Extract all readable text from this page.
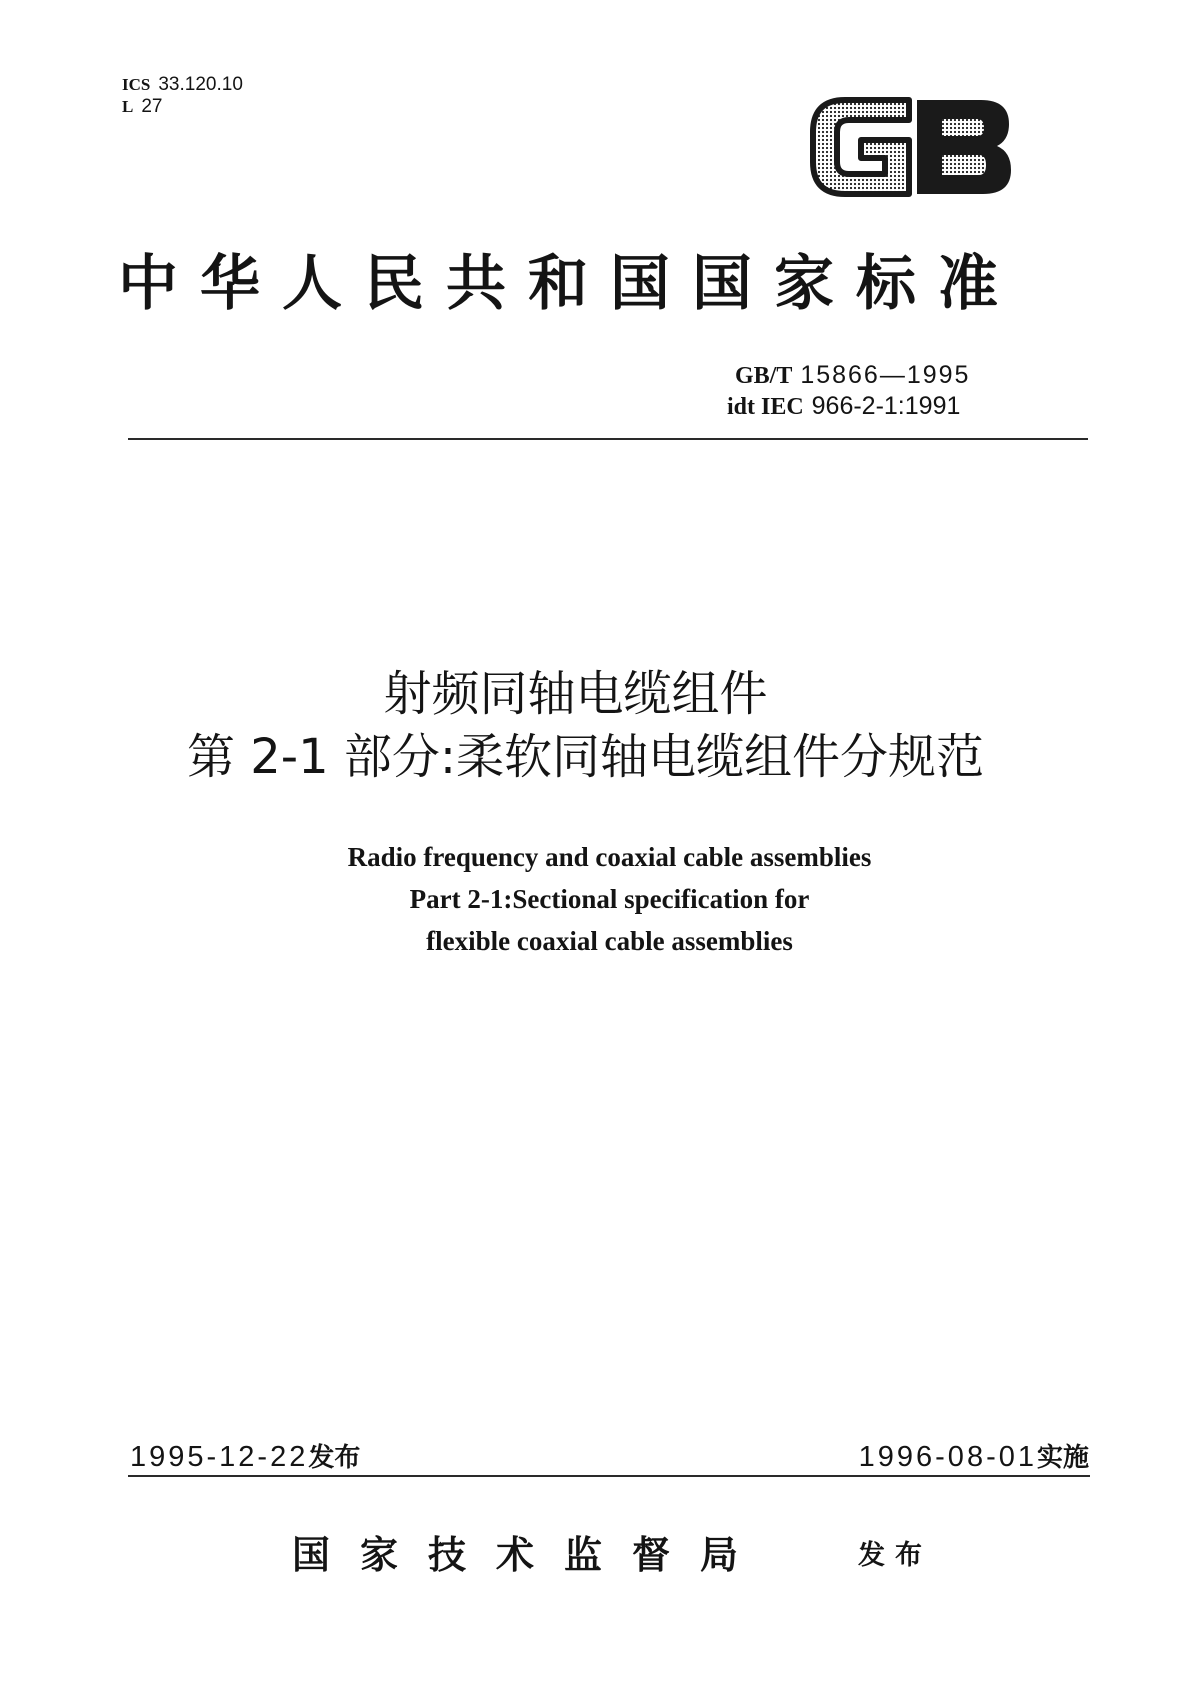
ICS 33.120.10
L 27
中华人民共和国国家标准
GB/T 15866—1995
idt IEC 966-2-1:1991
射频同轴电缆组件
第 2-1 部分:柔软同轴电缆组件分规范
Radio frequency and coaxial cable assemblies
Part 2-1:Sectional specification for
flexible coaxial cable assemblies
1995-12-22发布	1996-08-01实施
国家技术监督局	发布
